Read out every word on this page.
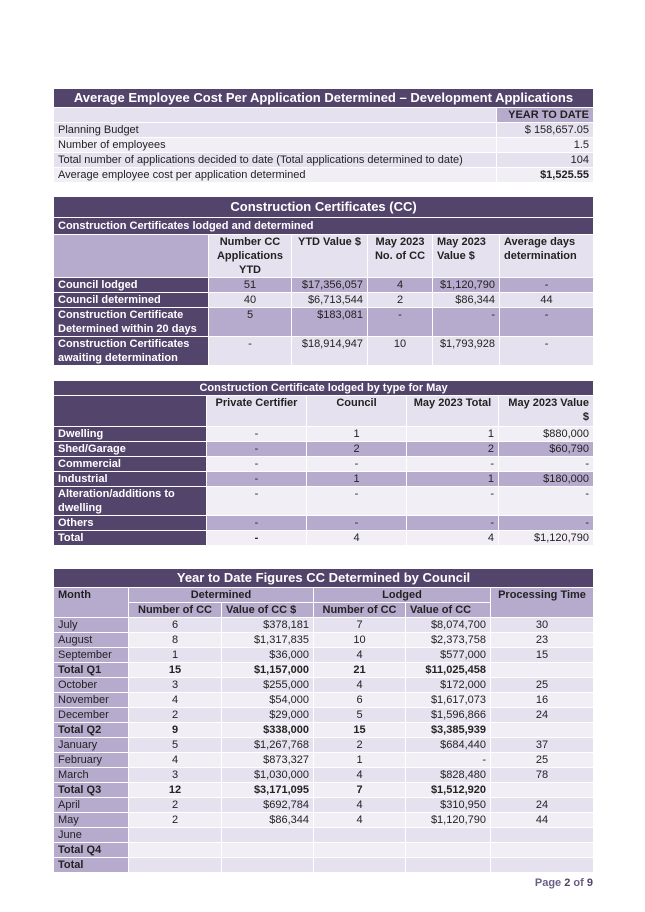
Average Employee Cost Per Application Determined – Development Applications	
	YEAR TO DATE
Planning Budget	$ 158,657.05
Number of employees	1.5
Total number of applications decided to date (Total applications determined to date)	104
Average employee cost per application determined	$1,525.55
Construction Certificates (CC)					
Construction Certificates lodged and determined					
	Number CC Applications YTD	YTD Value $	May 2023 No. of CC	May 2023 Value $	Average days determination
Council lodged	51	$17,356,057	4	$1,120,790	-
Council determined	40	$6,713,544	2	$86,344	44
Construction Certificate Determined within 20 days	5	$183,081	-	-	-
Construction Certificates awaiting determination	-	$18,914,947	10	$1,793,928	-
Construction Certificate lodged by type for May				
	Private Certifier	Council	May 2023 Total	May 2023 Value $
Dwelling	-	1	1	$880,000
Shed/Garage	-	2	2	$60,790
Commercial	-	-	-	-
Industrial	-	1	1	$180,000
Alteration/additions to dwelling	-	-	-	-
Others	-	-	-	-
Total	-	4	4	$1,120,790
Year to Date Figures CC Determined by Council					
Month	Determined		Lodged		Processing Time
	Number of CC	Value of CC $	Number of CC	Value of CC	
July	6	$378,181	7	$8,074,700	30
August	8	$1,317,835	10	$2,373,758	23
September	1	$36,000	4	$577,000	15
Total Q1	15	$1,157,000	21	$11,025,458	
October	3	$255,000	4	$172,000	25
November	4	$54,000	6	$1,617,073	16
December	2	$29,000	5	$1,596,866	24
Total Q2	9	$338,000	15	$3,385,939	
January	5	$1,267,768	2	$684,440	37
February	4	$873,327	1	-	25
March	3	$1,030,000	4	$828,480	78
Total Q3	12	$3,171,095	7	$1,512,920	
April	2	$692,784	4	$310,950	24
May	2	$86,344	4	$1,120,790	44
June					
Total Q4					
Total					
Page 2 of 9
